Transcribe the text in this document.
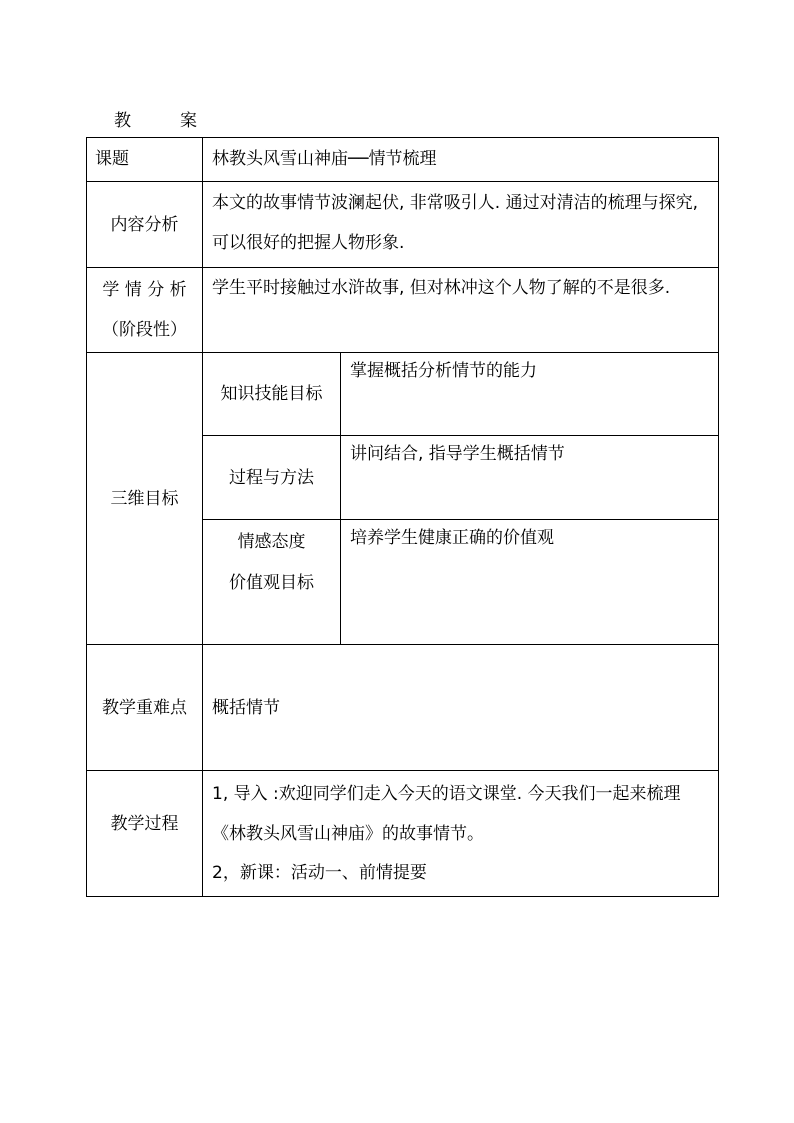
教　案
课题	林教头风雪山神庙──情节梳理
内容分析
本文的故事情节波澜起伏, 非常吸引人. 通过对清洁的梳理与探究, 可以很好的把握人物形象.
学 情 分 析
（阶段性）
学生平时接触过水浒故事, 但对林冲这个人物了解的不是很多.
三维目标
知识技能目标
掌握概括分析情节的能力
过程与方法
讲问结合, 指导学生概括情节
情感态度
价值观目标
培养学生健康正确的价值观
教学重难点 概括情节
教学过程
1, 导入 :欢迎同学们走入今天的语文课堂. 今天我们一起来梳理《林教头风雪山神庙》的故事情节。
2，新课：活动一、前情提要
